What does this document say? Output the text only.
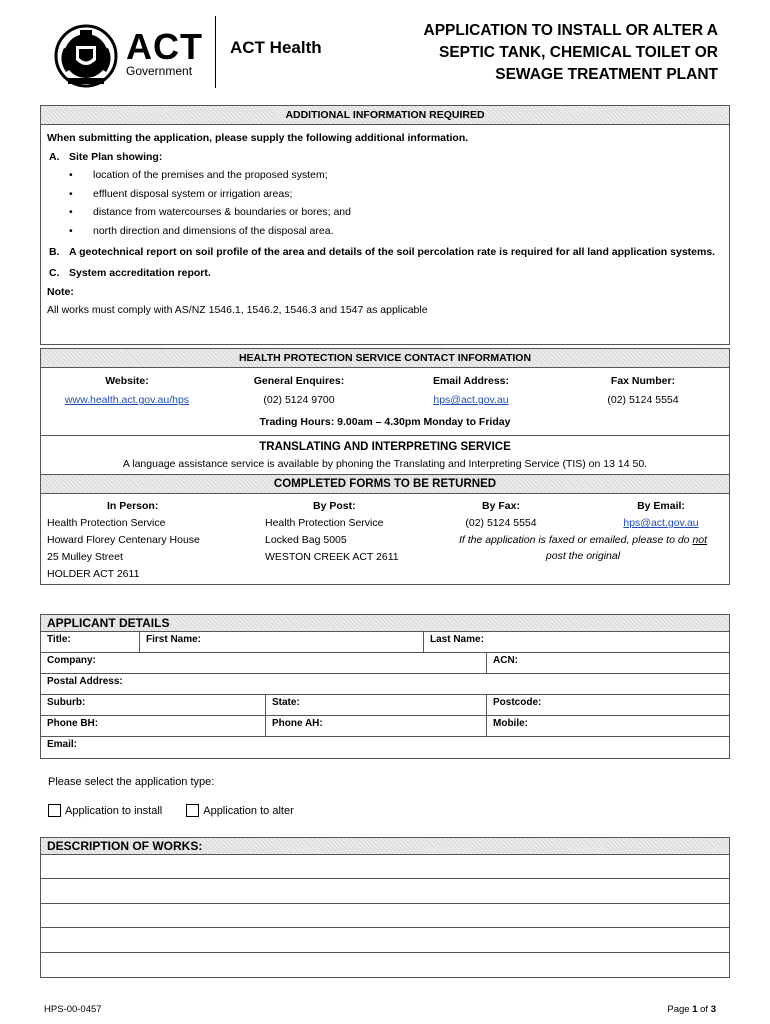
ACT
Government
ACT Health
APPLICATION TO INSTALL OR ALTER A
SEPTIC TANK, CHEMICAL TOILET OR
SEWAGE TREATMENT PLANT
ADDITIONAL INFORMATION REQUIRED
When submitting the application, please supply the following additional information.
A. Site Plan showing:
•	location of the premises and the proposed system;
•	effluent disposal system or irrigation areas;
•	distance from watercourses & boundaries or bores; and
•	north direction and dimensions of the disposal area.
B. A geotechnical report on soil profile of the area and details of the soil percolation rate is required for all land application systems.
C. System accreditation report.
Note:
All works must comply with AS/NZ 1546.1, 1546.2, 1546.3 and 1547 as applicable
HEALTH PROTECTION SERVICE CONTACT INFORMATION
Website:	General Enquires:	Email Address:	Fax Number:
www.health.act.gov.au/hps	(02) 5124 9700	hps@act.gov.au	(02) 5124 5554
Trading Hours: 9.00am – 4.30pm Monday to Friday
TRANSLATING AND INTERPRETING SERVICE
A language assistance service is available by phoning the Translating and Interpreting Service (TIS) on 13 14 50.
COMPLETED FORMS TO BE RETURNED
In Person:
Health Protection Service
Howard Florey Centenary House
25 Mulley Street
HOLDER ACT 2611
By Post:
Health Protection Service
Locked Bag 5005
WESTON CREEK ACT 2611
By Fax:
(02) 5124 5554
By Email:
hps@act.gov.au
If the application is faxed or emailed, please to do not
post the original
APPLICANT DETAILS
Title:	First Name:	Last Name:
Company:	ACN:
Postal Address:
Suburb:	State:	Postcode:
Phone BH:	Phone AH:	Mobile:
Email:
Please select the application type:
Application to install	Application to alter
DESCRIPTION OF WORKS:
HPS-00-0457	Page 1 of 3
